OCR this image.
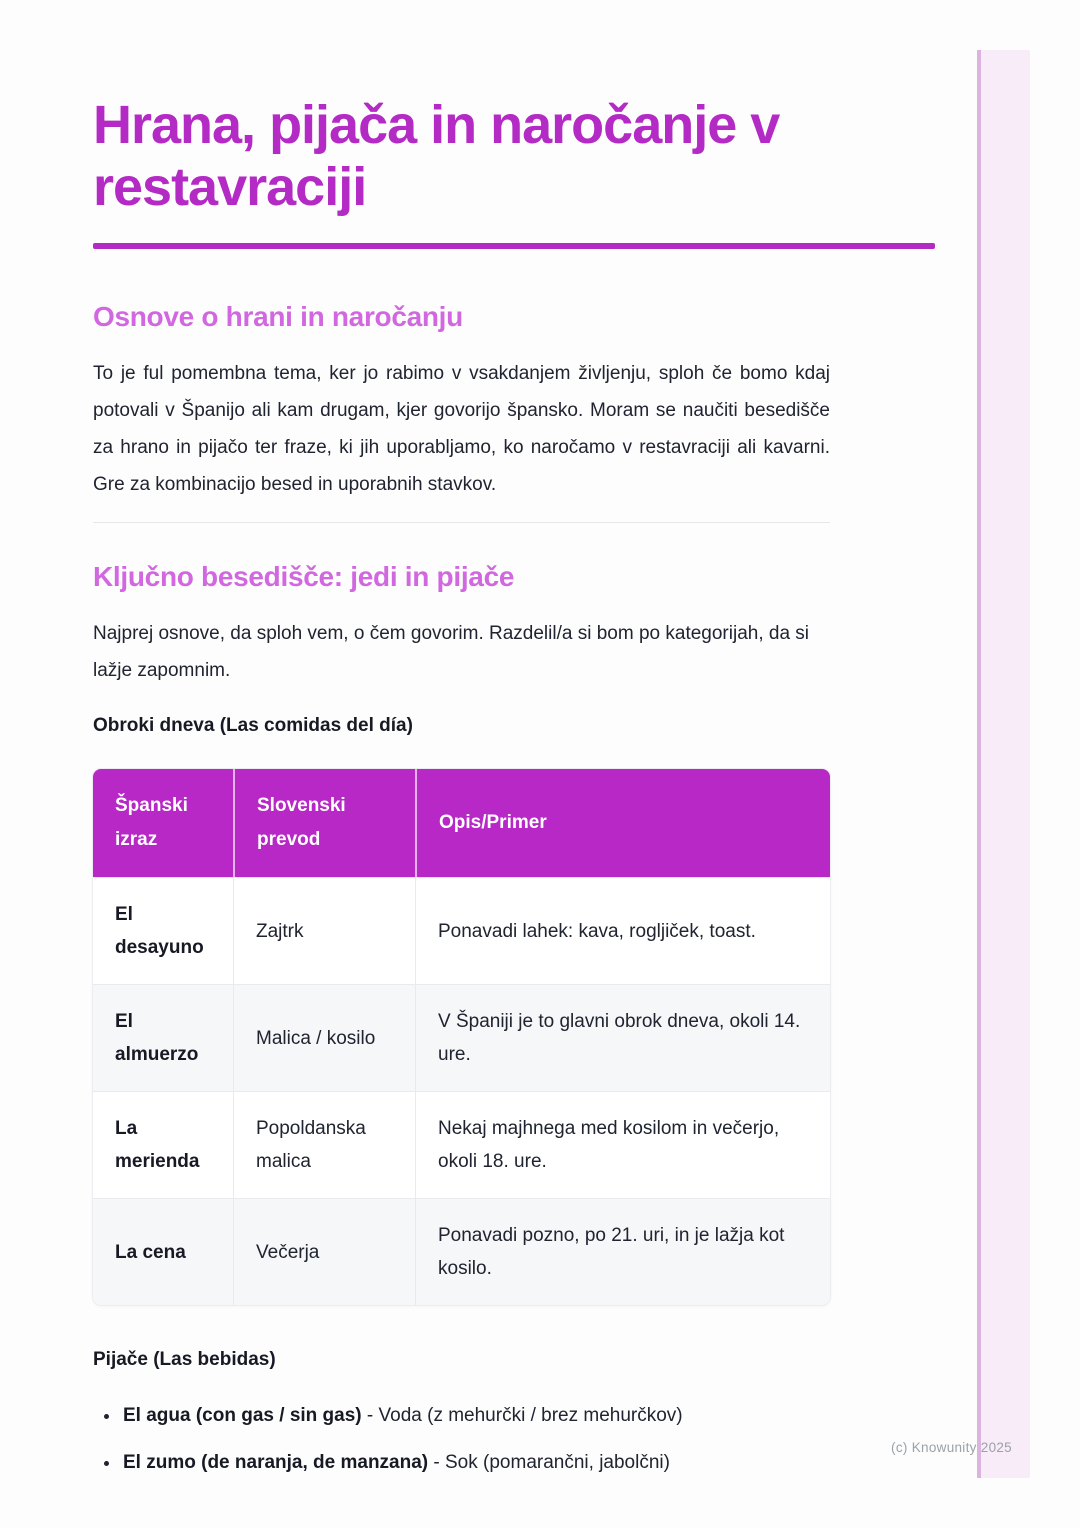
Hrana, pijača in naročanje v
restavraciji
Osnove o hrani in naročanju

To je ful pomembna tema, ker jo rabimo v vsakdanjem življenju, sploh če bomo kdaj potovali v Španijo ali kam drugam, kjer govorijo špansko. Moram se naučiti besedišče za hrano in pijačo ter fraze, ki jih uporabljamo, ko naročamo v restavraciji ali kavarni. Gre za kombinacijo besed in uporabnih stavkov.

Ključno besedišče: jedi in pijače

Najprej osnove, da sploh vem, o čem govorim. Razdelil/a si bom po kategorijah, da si lažje zapomnim.

Obroki dneva (Las comidas del día)
Španski izraz	Slovenski prevod	Opis/Primer
El desayuno	Zajtrk	Ponavadi lahek: kava, rogljiček, toast.
El almuerzo	Malica / kosilo	V Španiji je to glavni obrok dneva, okoli 14. ure.
La merienda	Popoldanska malica	Nekaj majhnega med kosilom in večerjo, okoli 18. ure.
La cena	Večerja	Ponavadi pozno, po 21. uri, in je lažja kot kosilo.
Pijače (Las bebidas)
• El agua (con gas / sin gas) - Voda (z mehurčki / brez mehurčkov)
• El zumo (de naranja, de manzana) - Sok (pomarančni, jabolčni)
(c) Knowunity 2025
